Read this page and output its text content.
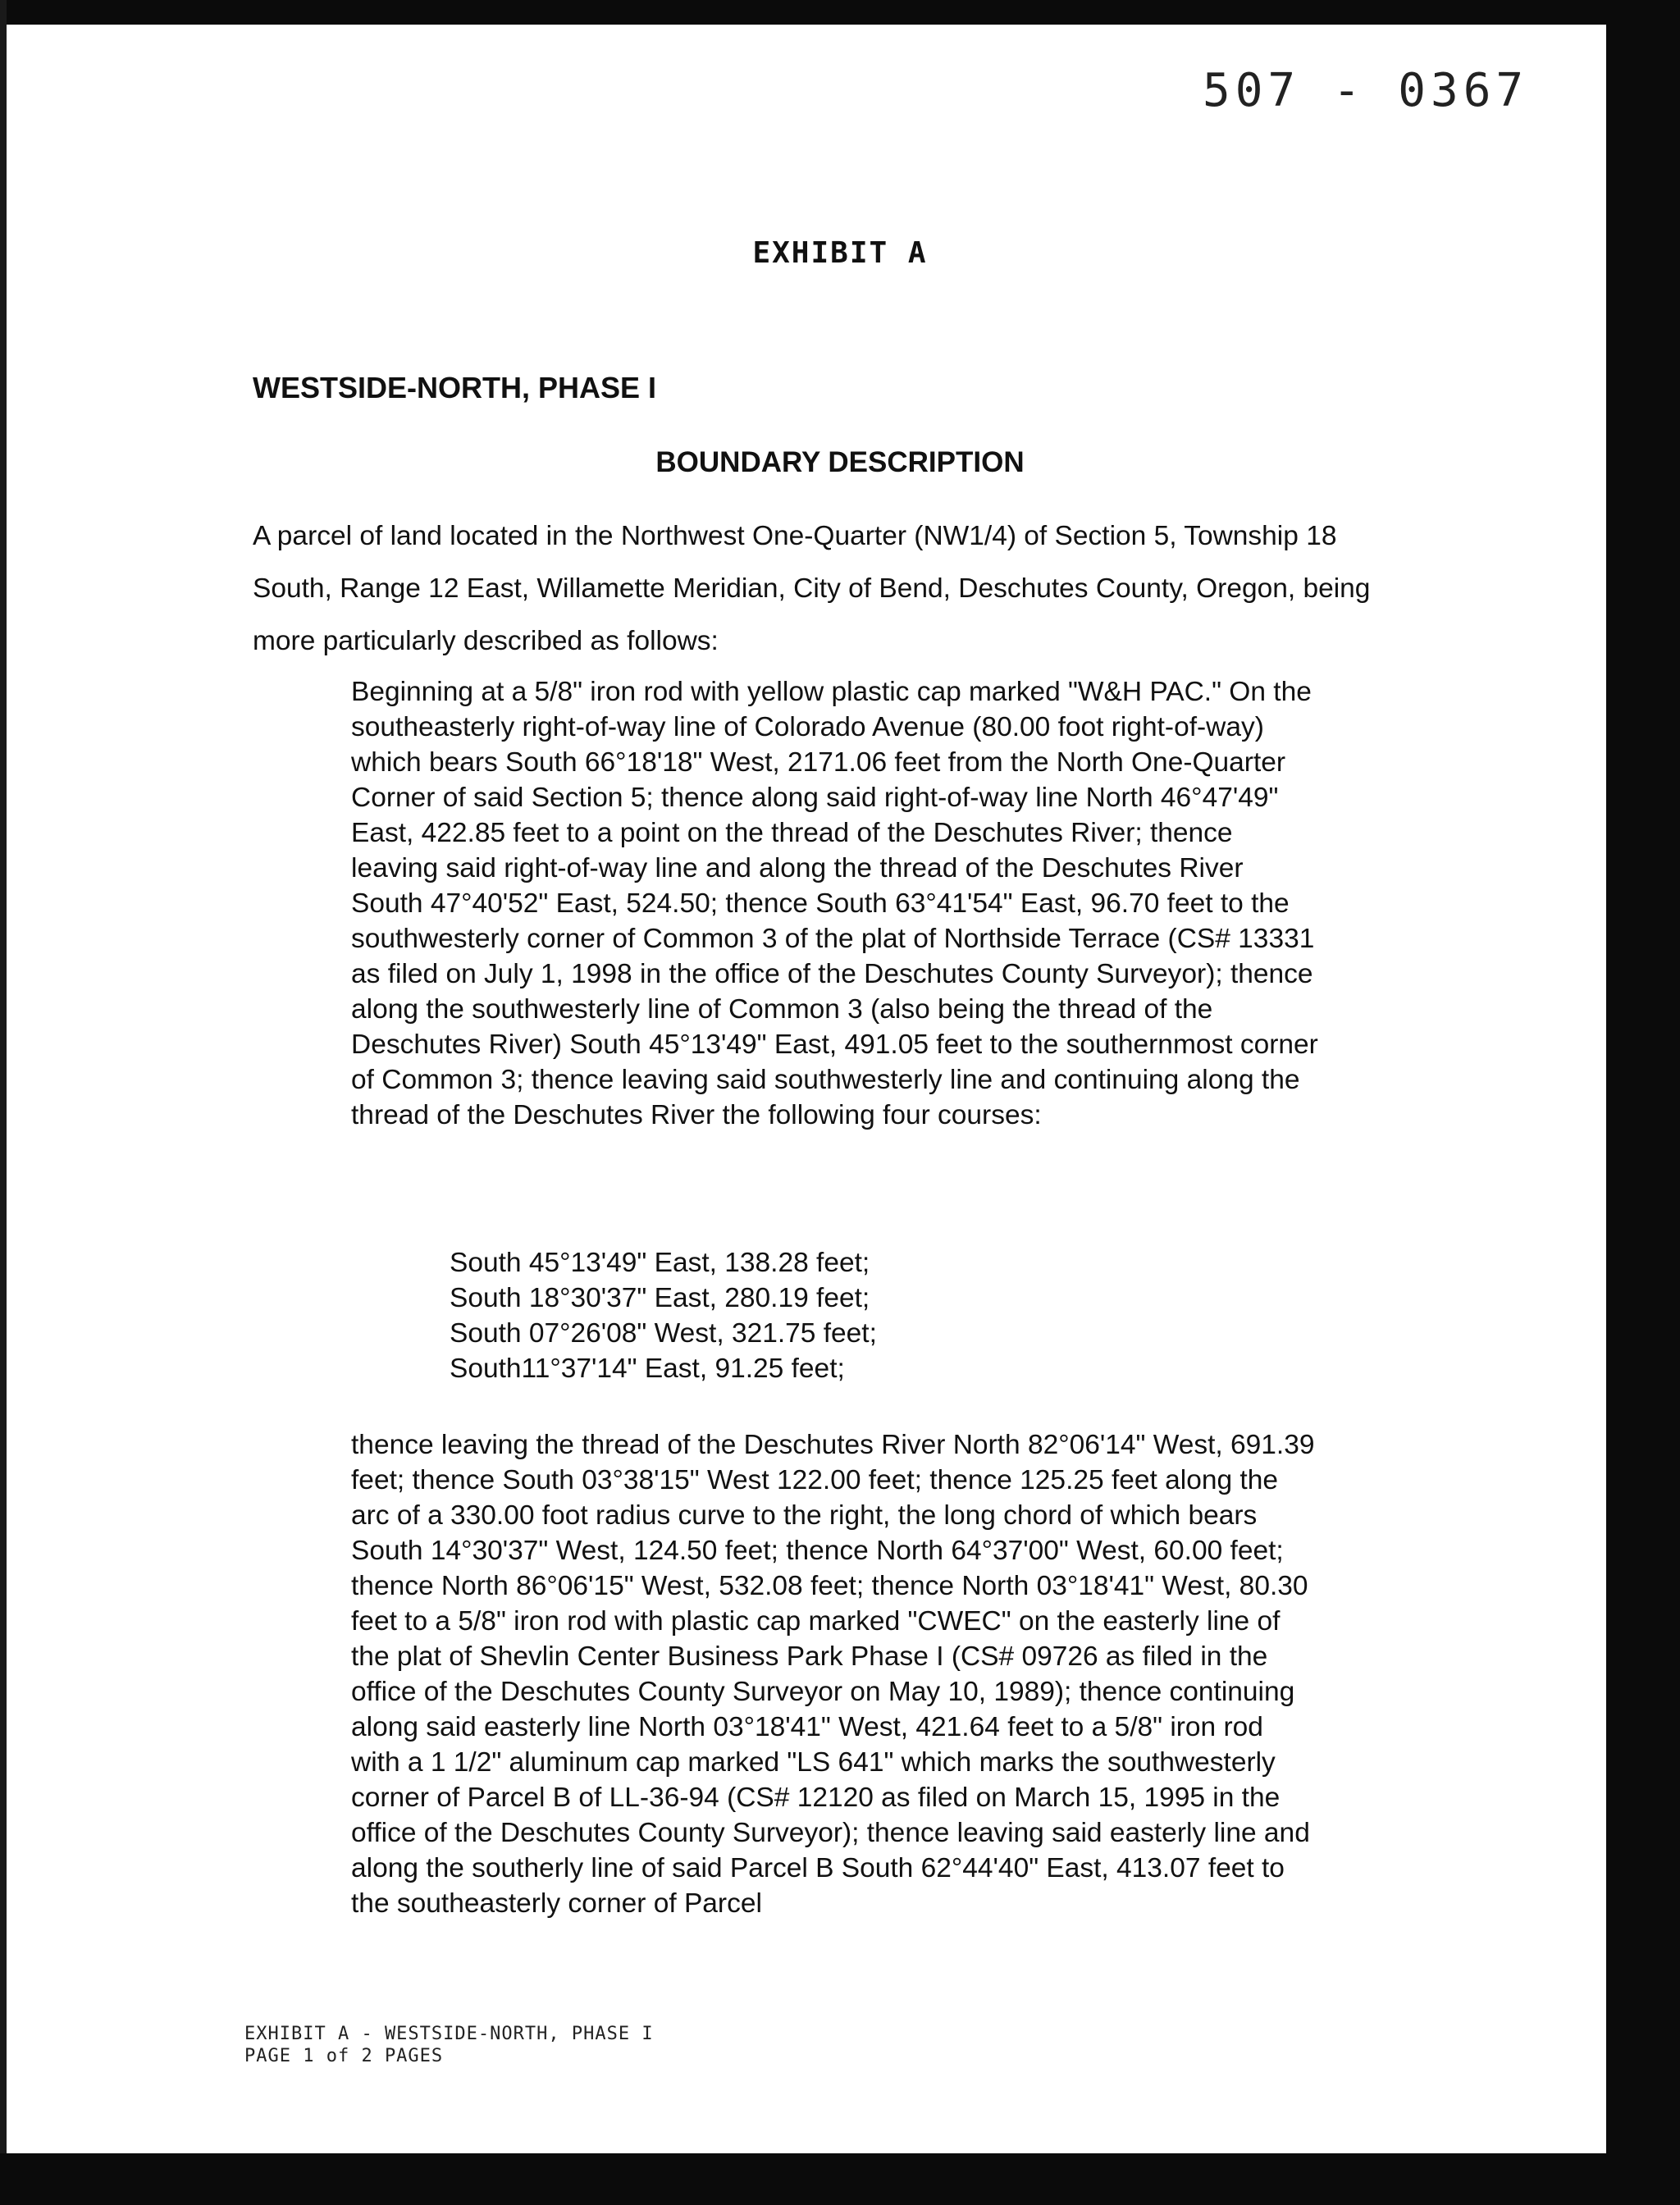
507 - 0367
EXHIBIT A
WESTSIDE-NORTH, PHASE I
BOUNDARY DESCRIPTION

A parcel of land located in the Northwest One-Quarter (NW1/4) of Section 5, Township 18 South, Range 12 East, Willamette Meridian, City of Bend, Deschutes County, Oregon, being more particularly described as follows:

Beginning at a 5/8" iron rod with yellow plastic cap marked "W&H PAC." On the southeasterly right-of-way line of Colorado Avenue (80.00 foot right-of-way) which bears South 66°18'18" West, 2171.06 feet from the North One-Quarter Corner of said Section 5; thence along said right-of-way line North 46°47'49" East, 422.85 feet to a point on the thread of the Deschutes River; thence leaving said right-of-way line and along the thread of the Deschutes River South 47°40'52" East, 524.50; thence South 63°41'54" East, 96.70 feet to the southwesterly corner of Common 3 of the plat of Northside Terrace (CS# 13331 as filed on July 1, 1998 in the office of the Deschutes County Surveyor); thence along the southwesterly line of Common 3 (also being the thread of the Deschutes River) South 45°13'49" East, 491.05 feet to the southernmost corner of Common 3; thence leaving said southwesterly line and continuing along the thread of the Deschutes River the following four courses:

South 45°13'49" East, 138.28 feet;
South 18°30'37" East, 280.19 feet;
South 07°26'08" West, 321.75 feet;
South11°37'14" East, 91.25 feet;

thence leaving the thread of the Deschutes River North 82°06'14" West, 691.39 feet; thence South 03°38'15" West 122.00 feet; thence 125.25 feet along the arc of a 330.00 foot radius curve to the right, the long chord of which bears South 14°30'37" West, 124.50 feet; thence North 64°37'00" West, 60.00 feet; thence North 86°06'15" West, 532.08 feet; thence North 03°18'41" West, 80.30 feet to a 5/8" iron rod with plastic cap marked "CWEC" on the easterly line of the plat of Shevlin Center Business Park Phase I (CS# 09726 as filed in the office of the Deschutes County Surveyor on May 10, 1989); thence continuing along said easterly line North 03°18'41" West, 421.64 feet to a 5/8" iron rod with a 1 1/2" aluminum cap marked "LS 641" which marks the southwesterly corner of Parcel B of LL-36-94 (CS# 12120 as filed on March 15, 1995 in the office of the Deschutes County Surveyor); thence leaving said easterly line and along the southerly line of said Parcel B South 62°44'40" East, 413.07 feet to the southeasterly corner of Parcel

EXHIBIT A - WESTSIDE-NORTH, PHASE I
PAGE 1 of 2 PAGES
